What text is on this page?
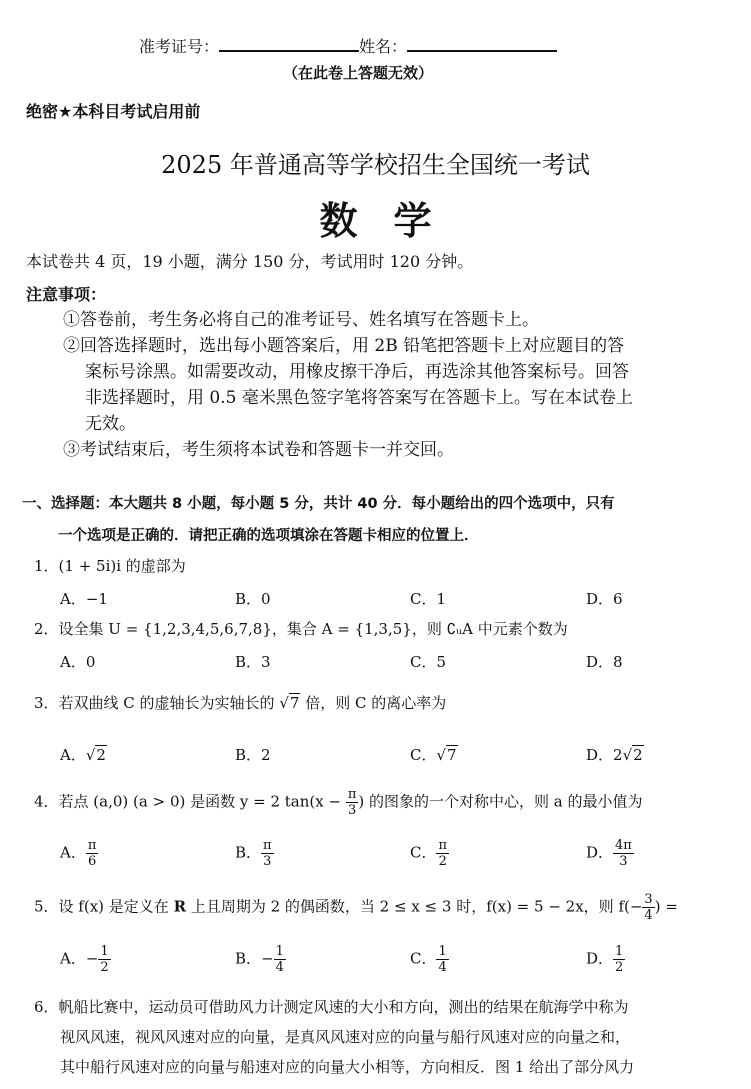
准考证号：	姓名：
（在此卷上答题无效）
绝密★本科目考试启用前
2025 年普通高等学校招生全国统一考试
数学
本试卷共 4 页，19 小题，满分 150 分，考试用时 120 分钟。
注意事项：
①答卷前，考生务必将自己的准考证号、姓名填写在答题卡上。
②回答选择题时，选出每小题答案后，用 2B 铅笔把答题卡上对应题目的答
案标号涂黑。如需要改动，用橡皮擦干净后，再选涂其他答案标号。回答
非选择题时，用 0.5 毫米黑色签字笔将答案写在答题卡上。写在本试卷上
无效。
③考试结束后，考生须将本试卷和答题卡一并交回。
一、选择题：本大题共 8 小题，每小题 5 分，共计 40 分．每小题给出的四个选项中，只有
一个选项是正确的．请把正确的选项填涂在答题卡相应的位置上．
1．(1 + 5i)i 的虚部为
A．−1	B．0	C．1	D．6
2．设全集 U = {1,2,3,4,5,6,7,8}，集合 A = {1,3,5}，则 ∁ᵤA 中元素个数为
A．0	B．3	C．5	D．8
3．若双曲线 C 的虚轴长为实轴长的 √7 倍，则 C 的离心率为
A．√2	B．2	C．√7	D．2√2
4．若点 (a,0) (a > 0) 是函数 y = 2 $\tan(x - \frac{\pi}{3}$ ) 的图象的一个对称中心，则 a 的最小值为
A． $\frac{\pi}{6}$	B． $\frac{\pi}{3}$	C． $\frac{\pi}{2}$	D． $\frac{4\pi}{3}$
5．设 f(x) 是定义在 R 上且周期为 2 的偶函数，当 2 ≤ x ≤ 3 时，f(x) = 5 − 2x，则 $f(- \frac{3}{4}$ ) =
A．− $\frac{1}{2}$	B．− $\frac{1}{4}$	C． $\frac{1}{4}$	D． $\frac{1}{2}$
6．帆船比赛中，运动员可借助风力计测定风速的大小和方向，测出的结果在航海学中称为
视风风速，视风风速对应的向量，是真风风速对应的向量与船行风速对应的向量之和，
其中船行风速对应的向量与船速对应的向量大小相等，方向相反．图 1 给出了部分风力
